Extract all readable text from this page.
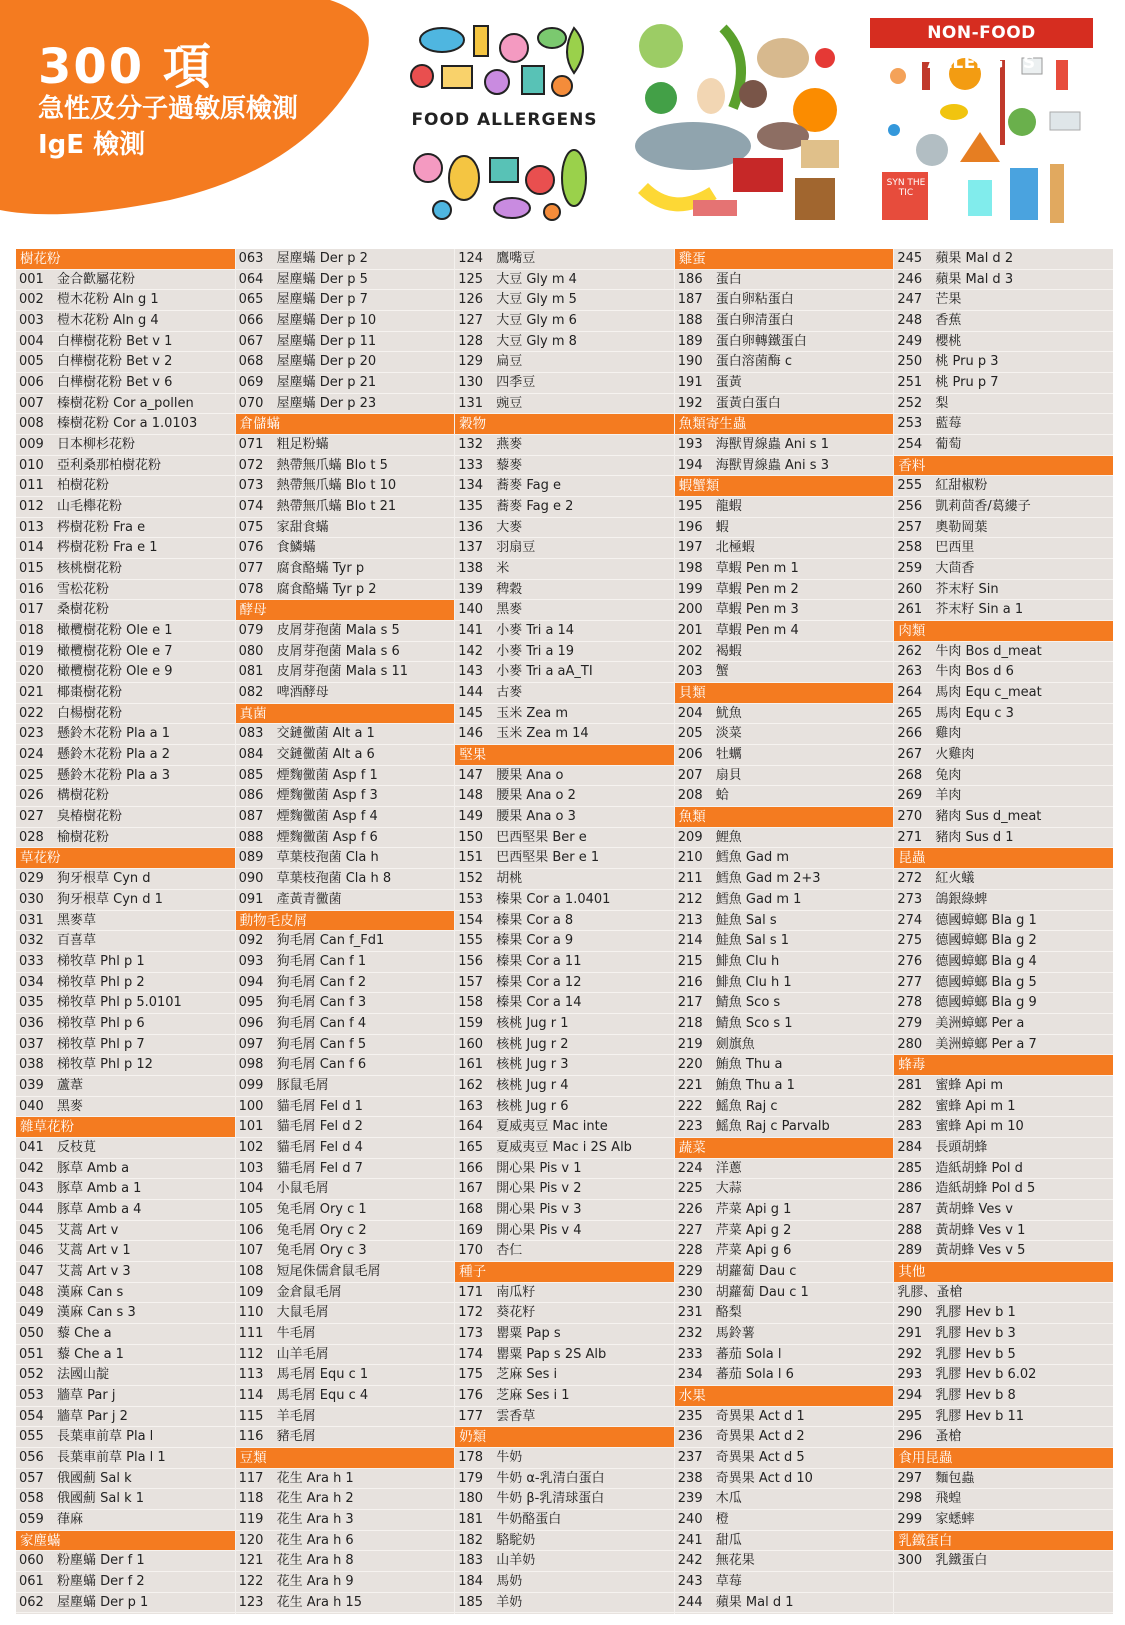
300 項
急性及分子過敏原檢測
IgE 檢測
FOOD ALLERGENS
NON-FOOD ALLERGIES
SYN THE TIC
樹花粉
001	金合歡屬花粉
002	榿木花粉 Aln g 1
003	榿木花粉 Aln g 4
004	白樺樹花粉 Bet v 1
005	白樺樹花粉 Bet v 2
006	白樺樹花粉 Bet v 6
007	榛樹花粉 Cor a_pollen
008	榛樹花粉 Cor a 1.0103
009	日本柳杉花粉
010	亞利桑那柏樹花粉
011	柏樹花粉
012	山毛櫸花粉
013	梣樹花粉 Fra e
014	梣樹花粉 Fra e 1
015	核桃樹花粉
016	雪松花粉
017	桑樹花粉
018	橄欖樹花粉 Ole e 1
019	橄欖樹花粉 Ole e 7
020	橄欖樹花粉 Ole e 9
021	椰棗樹花粉
022	白楊樹花粉
023	懸鈴木花粉 Pla a 1
024	懸鈴木花粉 Pla a 2
025	懸鈴木花粉 Pla a 3
026	構樹花粉
027	臭椿樹花粉
028	榆樹花粉
草花粉
029	狗牙根草 Cyn d
030	狗牙根草 Cyn d 1
031	黑麥草
032	百喜草
033	梯牧草 Phl p 1
034	梯牧草 Phl p 2
035	梯牧草 Phl p 5.0101
036	梯牧草 Phl p 6
037	梯牧草 Phl p 7
038	梯牧草 Phl p 12
039	蘆葦
040	黑麥
雜草花粉
041	反枝莧
042	豚草 Amb a
043	豚草 Amb a 1
044	豚草 Amb a 4
045	艾蒿 Art v
046	艾蒿 Art v 1
047	艾蒿 Art v 3
048	漢麻 Can s
049	漢麻 Can s 3
050	藜 Che a
051	藜 Che a 1
052	法國山靛
053	牆草 Par j
054	牆草 Par j 2
055	長葉車前草 Pla l
056	長葉車前草 Pla l 1
057	俄國薊 Sal k
058	俄國薊 Sal k 1
059	葎麻
家塵蟎
060	粉塵蟎 Der f 1
061	粉塵蟎 Der f 2
062	屋塵蟎 Der p 1
063	屋塵蟎 Der p 2
064	屋塵蟎 Der p 5
065	屋塵蟎 Der p 7
066	屋塵蟎 Der p 10
067	屋塵蟎 Der p 11
068	屋塵蟎 Der p 20
069	屋塵蟎 Der p 21
070	屋塵蟎 Der p 23
倉儲蟎
071	粗足粉蟎
072	熱帶無爪蟎 Blo t 5
073	熱帶無爪蟎 Blo t 10
074	熱帶無爪蟎 Blo t 21
075	家甜食蟎
076	食鱗蟎
077	腐食酪蟎 Tyr p
078	腐食酪蟎 Tyr p 2
酵母
079	皮屑芽孢菌 Mala s 5
080	皮屑芽孢菌 Mala s 6
081	皮屑芽孢菌 Mala s 11
082	啤酒酵母
真菌
083	交鏈黴菌 Alt a 1
084	交鏈黴菌 Alt a 6
085	煙麴黴菌 Asp f 1
086	煙麴黴菌 Asp f 3
087	煙麴黴菌 Asp f 4
088	煙麴黴菌 Asp f 6
089	草葉枝孢菌 Cla h
090	草葉枝孢菌 Cla h 8
091	產黃青黴菌
動物毛皮屑
092	狗毛屑 Can f_Fd1
093	狗毛屑 Can f 1
094	狗毛屑 Can f 2
095	狗毛屑 Can f 3
096	狗毛屑 Can f 4
097	狗毛屑 Can f 5
098	狗毛屑 Can f 6
099	豚鼠毛屑
100	貓毛屑 Fel d 1
101	貓毛屑 Fel d 2
102	貓毛屑 Fel d 4
103	貓毛屑 Fel d 7
104	小鼠毛屑
105	兔毛屑 Ory c 1
106	兔毛屑 Ory c 2
107	兔毛屑 Ory c 3
108	短尾侏儒倉鼠毛屑
109	金倉鼠毛屑
110	大鼠毛屑
111	牛毛屑
112	山羊毛屑
113	馬毛屑 Equ c 1
114	馬毛屑 Equ c 4
115	羊毛屑
116	豬毛屑
豆類
117	花生 Ara h 1
118	花生 Ara h 2
119	花生 Ara h 3
120	花生 Ara h 6
121	花生 Ara h 8
122	花生 Ara h 9
123	花生 Ara h 15
124	鷹嘴豆
125	大豆 Gly m 4
126	大豆 Gly m 5
127	大豆 Gly m 6
128	大豆 Gly m 8
129	扁豆
130	四季豆
131	豌豆
穀物
132	燕麥
133	藜麥
134	蕎麥 Fag e
135	蕎麥 Fag e 2
136	大麥
137	羽扇豆
138	米
139	稗穀
140	黑麥
141	小麥 Tri a 14
142	小麥 Tri a 19
143	小麥 Tri a aA_TI
144	古麥
145	玉米 Zea m
146	玉米 Zea m 14
堅果
147	腰果 Ana o
148	腰果 Ana o 2
149	腰果 Ana o 3
150	巴西堅果 Ber e
151	巴西堅果 Ber e 1
152	胡桃
153	榛果 Cor a 1.0401
154	榛果 Cor a 8
155	榛果 Cor a 9
156	榛果 Cor a 11
157	榛果 Cor a 12
158	榛果 Cor a 14
159	核桃 Jug r 1
160	核桃 Jug r 2
161	核桃 Jug r 3
162	核桃 Jug r 4
163	核桃 Jug r 6
164	夏威夷豆 Mac inte
165	夏威夷豆 Mac i 2S Alb
166	開心果 Pis v 1
167	開心果 Pis v 2
168	開心果 Pis v 3
169	開心果 Pis v 4
170	杏仁
種子
171	南瓜籽
172	葵花籽
173	罌粟 Pap s
174	罌粟 Pap s 2S Alb
175	芝麻 Ses i
176	芝麻 Ses i 1
177	雲香草
奶類
178	牛奶
179	牛奶 α-乳清白蛋白
180	牛奶 β-乳清球蛋白
181	牛奶酪蛋白
182	駱駝奶
183	山羊奶
184	馬奶
185	羊奶
雞蛋
186	蛋白
187	蛋白卵粘蛋白
188	蛋白卵清蛋白
189	蛋白卵轉鐵蛋白
190	蛋白溶菌酶 c
191	蛋黃
192	蛋黃白蛋白
魚類寄生蟲
193	海獸胃線蟲 Ani s 1
194	海獸胃線蟲 Ani s 3
蝦蟹類
195	龍蝦
196	蝦
197	北極蝦
198	草蝦 Pen m 1
199	草蝦 Pen m 2
200	草蝦 Pen m 3
201	草蝦 Pen m 4
202	褐蝦
203	蟹
貝類
204	魷魚
205	淡菜
206	牡蠣
207	扇貝
208	蛤
魚類
209	鯉魚
210	鱈魚 Gad m
211	鱈魚 Gad m 2+3
212	鱈魚 Gad m 1
213	鮭魚 Sal s
214	鮭魚 Sal s 1
215	鯡魚 Clu h
216	鯡魚 Clu h 1
217	鯖魚 Sco s
218	鯖魚 Sco s 1
219	劍旗魚
220	鮪魚 Thu a
221	鮪魚 Thu a 1
222	鰩魚 Raj c
223	鰩魚 Raj c Parvalb
蔬菜
224	洋蔥
225	大蒜
226	芹菜 Api g 1
227	芹菜 Api g 2
228	芹菜 Api g 6
229	胡蘿蔔 Dau c
230	胡蘿蔔 Dau c 1
231	酪梨
232	馬鈴薯
233	蕃茄 Sola l
234	蕃茄 Sola l 6
水果
235	奇異果 Act d 1
236	奇異果 Act d 2
237	奇異果 Act d 5
238	奇異果 Act d 10
239	木瓜
240	橙
241	甜瓜
242	無花果
243	草莓
244	蘋果 Mal d 1
245	蘋果 Mal d 2
246	蘋果 Mal d 3
247	芒果
248	香蕉
249	櫻桃
250	桃 Pru p 3
251	桃 Pru p 7
252	梨
253	藍莓
254	葡萄
香料
255	紅甜椒粉
256	凱莉茴香/葛縷子
257	奧勒岡葉
258	巴西里
259	大茴香
260	芥末籽 Sin
261	芥末籽 Sin a 1
肉類
262	牛肉 Bos d_meat
263	牛肉 Bos d 6
264	馬肉 Equ c_meat
265	馬肉 Equ c 3
266	雞肉
267	火雞肉
268	兔肉
269	羊肉
270	豬肉 Sus d_meat
271	豬肉 Sus d 1
昆蟲
272	紅火蟻
273	鴿銀綠蜱
274	德國蟑螂 Bla g 1
275	德國蟑螂 Bla g 2
276	德國蟑螂 Bla g 4
277	德國蟑螂 Bla g 5
278	德國蟑螂 Bla g 9
279	美洲蟑螂 Per a
280	美洲蟑螂 Per a 7
蜂毒
281	蜜蜂 Api m
282	蜜蜂 Api m 1
283	蜜蜂 Api m 10
284	長頭胡蜂
285	造紙胡蜂 Pol d
286	造紙胡蜂 Pol d 5
287	黃胡蜂 Ves v
288	黃胡蜂 Ves v 1
289	黃胡蜂 Ves v 5
其他
乳膠、蚤槍
290	乳膠 Hev b 1
291	乳膠 Hev b 3
292	乳膠 Hev b 5
293	乳膠 Hev b 6.02
294	乳膠 Hev b 8
295	乳膠 Hev b 11
296	蚤槍
食用昆蟲
297	麵包蟲
298	飛蝗
299	家蟋蟀
乳鐵蛋白
300	乳鐵蛋白
